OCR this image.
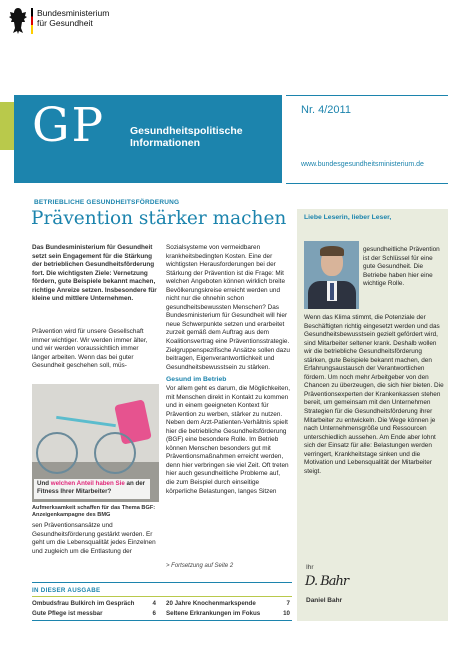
Bundesministerium
für Gesundheit
GP Gesundheitspolitische
Informationen
Nr. 4/2011
www.bundesgesundheitsministerium.de
BETRIEBLICHE GESUNDHEITSFÖRDERUNG
Prävention stärker machen
Das Bundesministerium für Gesundheit setzt sein Engagement für die Stärkung der betrieblichen Gesundheitsförderung fort. Die wichtigsten Ziele: Vernetzung fördern, gute Beispiele bekannt machen, richtige Anreize setzen. Insbesondere für kleine und mittlere Unternehmen.
Prävention wird für unsere Gesellschaft immer wichtiger. Wir werden immer älter, und wir werden voraussichtlich immer länger arbeiten. Wenn das bei guter Gesundheit geschehen soll, müs-
Und welchen Anteil haben Sie an der Fitness Ihrer Mitarbeiter?
Aufmerksamkeit schaffen für das Thema BGF: Anzeigenkampagne des BMG
sen Präventionsansätze und Gesundheitsförderung gestärkt werden. Er geht um die Lebensqualität jedes Einzelnen und zugleich um die Entlastung der
Sozialsysteme von vermeidbaren krankheitsbedingten Kosten. Eine der wichtigsten Herausforderungen bei der Stärkung der Prävention ist die Frage: Mit welchen Angeboten können wirklich breite Bevölkerungskreise erreicht werden und nicht nur die ohnehin schon gesundheitsbewussten Menschen? Das Bundesministerium für Gesundheit will hier neue Schwerpunkte setzen und erarbeitet zurzeit gemäß dem Auftrag aus dem Koalitionsvertrag eine Präventionsstrategie. Zielgruppenspezifische Ansätze sollen dazu beitragen, Eigenverantwortlichkeit und Gesundheitsbewusstsein zu stärken.
Gesund im Betrieb
Vor allem geht es darum, die Möglichkeiten, mit Menschen direkt in Kontakt zu kommen und in einem geeigneten Kontext für Prävention zu werben, stärker zu nutzen. Neben dem Arzt-Patienten-Verhältnis spielt hier die betriebliche Gesundheitsförderung (BGF) eine besondere Rolle. Im Betrieb können Menschen besonders gut mit Präventionsmaßnahmen erreicht werden, denn hier verbringen sie viel Zeit. Oft treten hier auch gesundheitliche Probleme auf, die zum Beispiel durch einseitige körperliche Belastungen, langes Sitzen
> Fortsetzung auf Seite 2
Liebe Leserin, lieber Leser,
gesundheitliche Prävention ist der Schlüssel für eine gute Gesundheit. Die Betriebe haben hier eine wichtige Rolle.
Wenn das Klima stimmt, die Potenziale der Beschäftigten richtig eingesetzt werden und das Gesundheitsbewusstsein gezielt gefördert wird, sind Mitarbeiter seltener krank. Deshalb wollen wir die betriebliche Gesundheitsförderung stärken, gute Beispiele bekannt machen, den Erfahrungsaustausch der Verantwortlichen fördern. Um noch mehr Arbeitgeber von den Chancen zu überzeugen, die sich hier bieten. Die Präventionsexperten der Krankenkassen stehen bereit, um gemeinsam mit den Unternehmen Strategien für die Gesundheitsförderung ihrer Mitarbeiter zu entwickeln. Die Wege können je nach Unternehmensgröße und Ressourcen unterschiedlich aussehen. Am Ende aber lohnt sich der Einsatz für alle: Belastungen werden verringert, Krankheitstage sinken und die Motivation und Lebensqualität der Mitarbeiter steigt.
Ihr
D. Bahr
Daniel Bahr
IN DIESER AUSGABE
Ombudsfrau Bulkirch im Gespräch	4
Gute Pflege ist messbar	6
20 Jahre Knochenmarkspende	7
Seltene Erkrankungen im Fokus	10
